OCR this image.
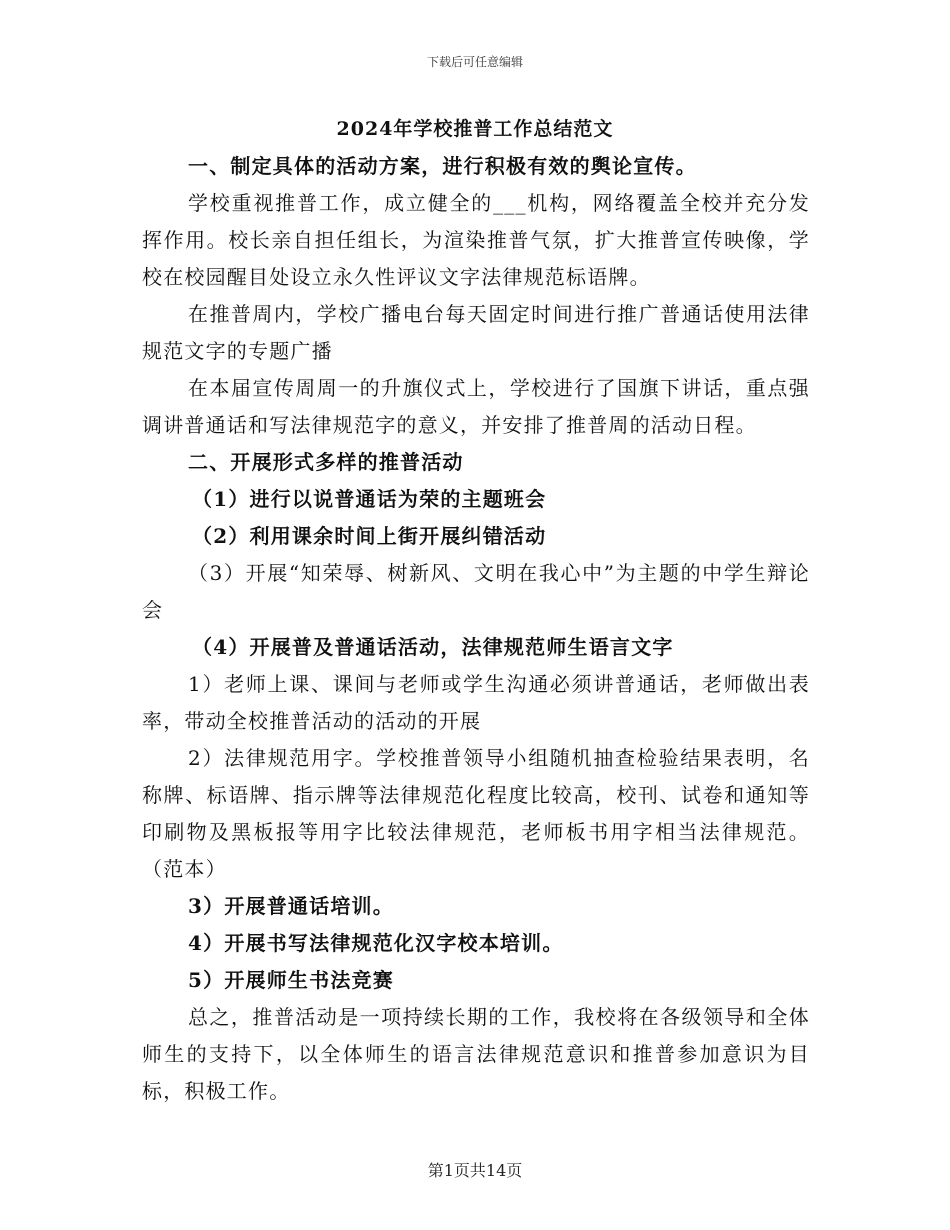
下载后可任意编辑
2024年学校推普工作总结范文

一、制定具体的活动方案，进行积极有效的舆论宣传。

学校重视推普工作，成立健全的___机构，网络覆盖全校并充分发挥作用。校长亲自担任组长，为渲染推普气氛，扩大推普宣传映像，学校在校园醒目处设立永久性评议文字法律规范标语牌。

在推普周内，学校广播电台每天固定时间进行推广普通话使用法律规范文字的专题广播

在本届宣传周周一的升旗仪式上，学校进行了国旗下讲话，重点强调讲普通话和写法律规范字的意义，并安排了推普周的活动日程。

二、开展形式多样的推普活动

（1）进行以说普通话为荣的主题班会

（2）利用课余时间上街开展纠错活动

（3）开展“知荣辱、树新风、文明在我心中”为主题的中学生辩论会

（4）开展普及普通话活动，法律规范师生语言文字

1）老师上课、课间与老师或学生沟通必须讲普通话，老师做出表率，带动全校推普活动的活动的开展

2）法律规范用字。学校推普领导小组随机抽查检验结果表明，名称牌、标语牌、指示牌等法律规范化程度比较高，校刊、试卷和通知等印刷物及黑板报等用字比较法律规范，老师板书用字相当法律规范。（范本）

3）开展普通话培训。

4）开展书写法律规范化汉字校本培训。

5）开展师生书法竞赛

总之，推普活动是一项持续长期的工作，我校将在各级领导和全体师生的支持下，以全体师生的语言法律规范意识和推普参加意识为目标，积极工作。

第1页共14页
